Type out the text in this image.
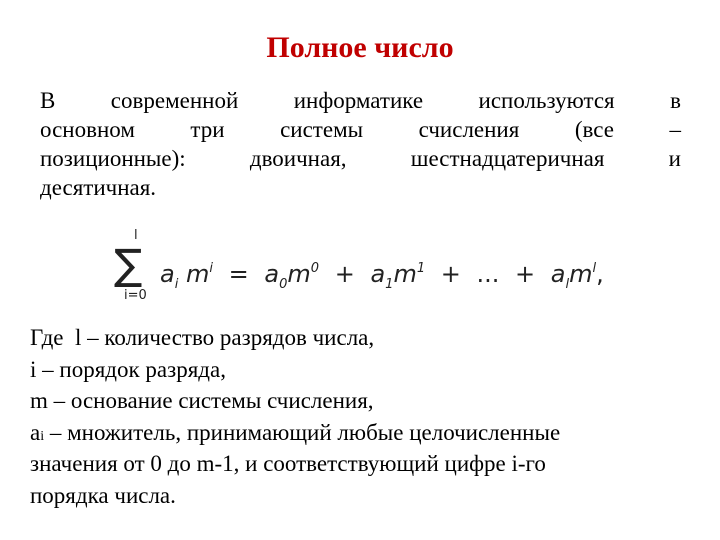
Полное число
В современной информатике используются в
основном три системы счисления (все –
позиционные):	двоичная,	шестнадцатеричная	и
десятичная.
l
∑
i=0
$a_i$ $m^i = a_0m^0 + a_1m^1$ + ... + $a_lm^l$,
Где  l – количество разрядов числа,
i – порядок разряда,
m – основание системы счисления,
ai – множитель, принимающий любые целочисленные
значения от 0 до m-1, и соответствующий цифре i-го
порядка числа.
